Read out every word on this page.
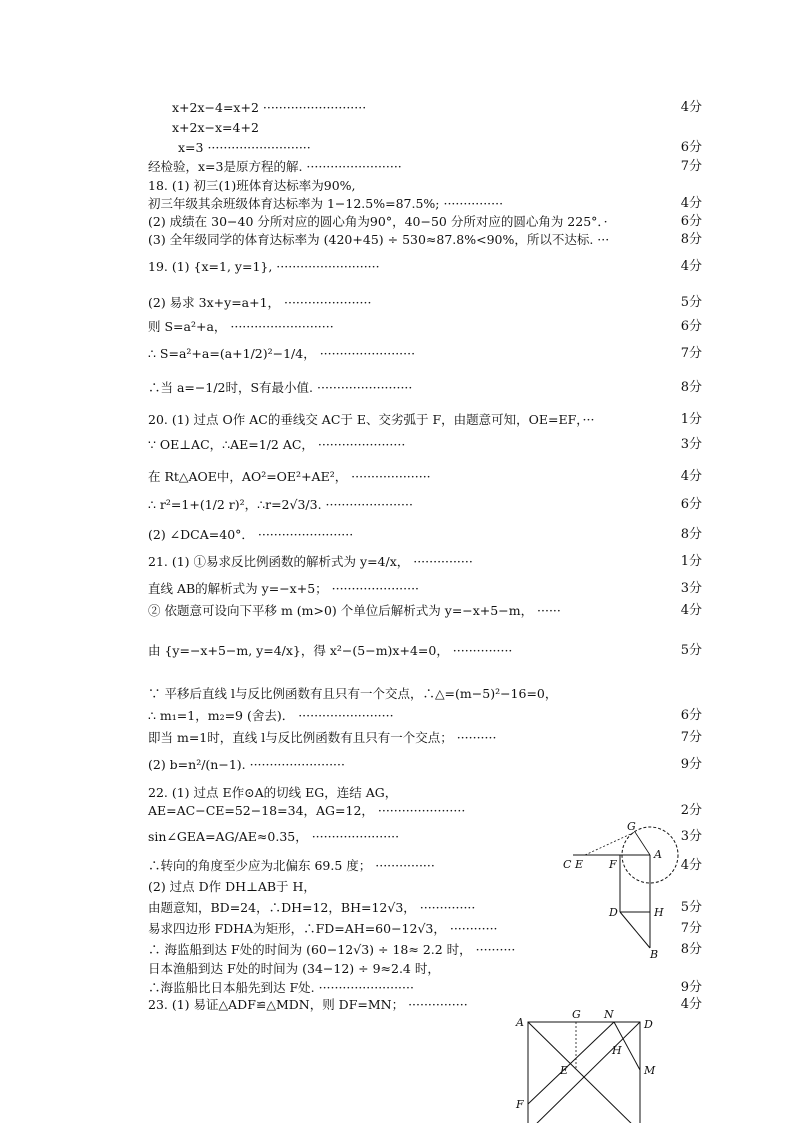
x+2x−4=x+2 ··························	4分
x+2x−x=4+2
x=3 ··························	6分
经检验，x=3是原方程的解. ························	7分
18. (1) 初三(1)班体育达标率为90%,
初三年级其余班级体育达标率为 1−12.5%=87.5%; ···············	4分
(2) 成绩在 30−40 分所对应的圆心角为90°，40−50 分所对应的圆心角为 225°．·	6分
(3) 全年级同学的体育达标率为 (420+45) ÷ 530≈87.8%<90%，所以不达标. ···	8分
19. (1) {x=1, y=1}, ··························	4分
(2) 易求 3x+y=a+1， ······················	5分
则 S=a²+a， ··························	6分
∴ S=a²+a=(a+1/2)²−1/4， ························	7分
∴当 a=−1/2时，S有最小值. ························	8分
20. (1) 过点 O作 AC的垂线交 AC于 E、交劣弧于 F，由题意可知，OE=EF，···	1分
∵ OE⊥AC，∴AE=1/2 AC， ······················	3分
在 Rt△AOE中，AO²=OE²+AE²， ····················	4分
∴ r²=1+(1/2 r)²，∴r=2√3/3. ······················	6分
(2) ∠DCA=40°． ························	8分
21. (1) ①易求反比例函数的解析式为 y=4/x， ···············	1分
直线 AB的解析式为 y=−x+5； ······················	3分
② 依题意可设向下平移 m (m>0) 个单位后解析式为 y=−x+5−m， ······	4分
由 {y=−x+5−m, y=4/x}，得 x²−(5−m)x+4=0， ···············	5分
∵ 平移后直线 l与反比例函数有且只有一个交点，∴△=(m−5)²−16=0，
∴ m₁=1，m₂=9 (舍去)． ························	6分
即当 m=1时，直线 l与反比例函数有且只有一个交点； ··········	7分
(2) b=n²/(n−1). ························	9分
22. (1) 过点 E作⊙A的切线 EG，连结 AG，
AE=AC−CE=52−18=34，AG=12， ······················	2分
sin∠GEA=AG/AE≈0.35， ······················	3分
∴转向的角度至少应为北偏东 69.5 度； ···············	4分
(2) 过点 D作 DH⊥AB于 H，
由题意知，BD=24，∴DH=12，BH=12√3， ··············	5分
易求四边形 FDHA为矩形，∴FD=AH=60−12√3， ············	7分
∴ 海监船到达 F处的时间为 (60−12√3) ÷ 18≈ 2.2 时， ··········	8分
日本渔船到达 F处的时间为 (34−12) ÷ 9≈2.4 时，
∴海监船比日本船先到达 F处. ························	9分
23. (1) 易证△ADF≌△MDN，则 DF=MN； ···············	4分
G
C E F
A
D	H
B
A
G N
D
H
M
E
F
